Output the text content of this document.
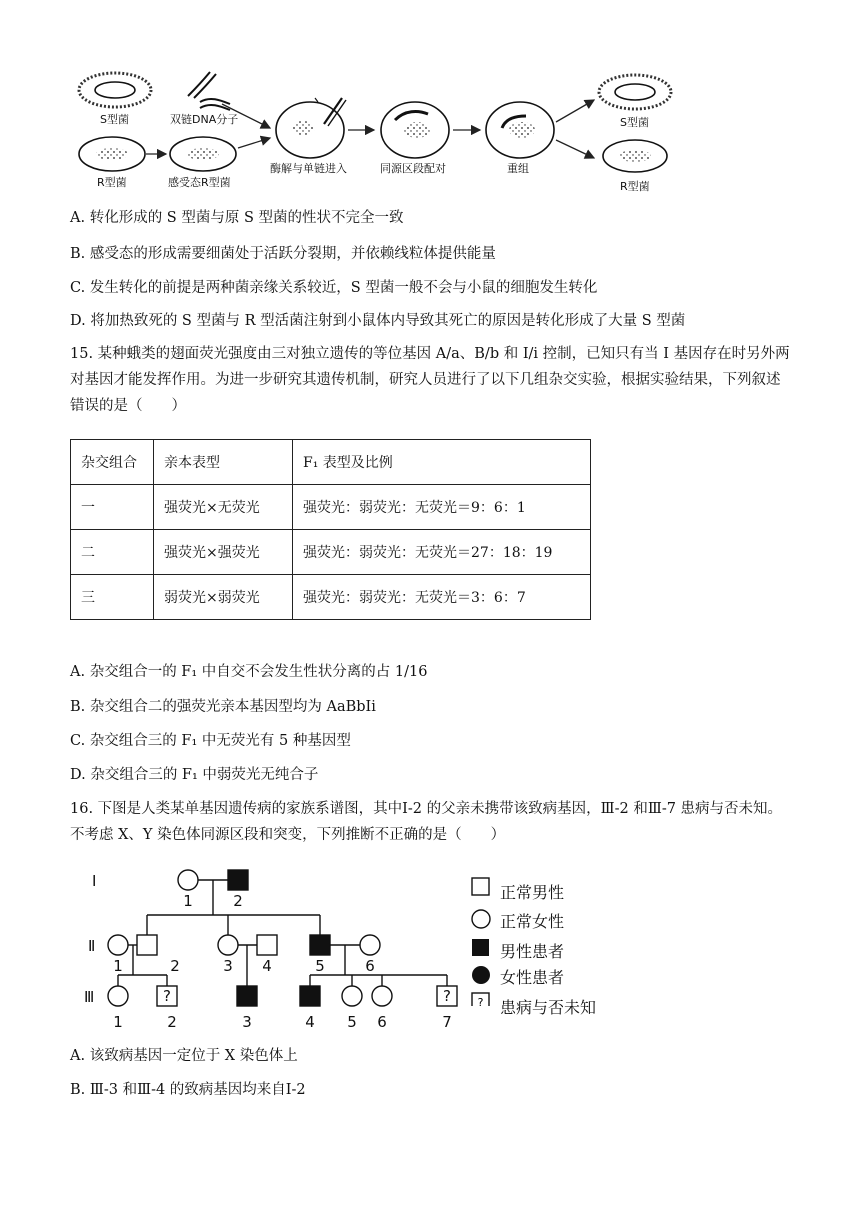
S型菌	双链DNA分子
R型菌	感受态R型菌
酶解与单链进入	同源区段配对	重组
S型菌
R型菌
A. 转化形成的 S 型菌与原 S 型菌的性状不完全一致
B. 感受态的形成需要细菌处于活跃分裂期，并依赖线粒体提供能量
C. 发生转化的前提是两种菌亲缘关系较近，S 型菌一般不会与小鼠的细胞发生转化
D. 将加热致死的 S 型菌与 R 型活菌注射到小鼠体内导致其死亡的原因是转化形成了大量 S 型菌
15. 某种蛾类的翅面荧光强度由三对独立遗传的等位基因 A/a、B/b 和 I/i 控制，已知只有当 I 基因存在时另外两对基因才能发挥作用。为进一步研究其遗传机制，研究人员进行了以下几组杂交实验，根据实验结果，下列叙述错误的是（　　）
杂交组合	亲本表型	F₁ 表型及比例
一	强荧光×无荧光	强荧光：弱荧光：无荧光＝9：6：1
二	强荧光×强荧光	强荧光：弱荧光：无荧光＝27：18：19
三	弱荧光×弱荧光	强荧光：弱荧光：无荧光＝3：6：7
A. 杂交组合一的 F₁ 中自交不会发生性状分离的占 1/16
B. 杂交组合二的强荧光亲本基因型均为 AaBbIi
C. 杂交组合三的 F₁ 中无荧光有 5 种基因型
D. 杂交组合三的 F₁ 中弱荧光无纯合子
16. 下图是人类某单基因遗传病的家族系谱图，其中Ⅰ-2 的父亲未携带该致病基因，Ⅲ-2 和Ⅲ-7 患病与否未知。不考虑 X、Y 染色体同源区段和突变，下列推断不正确的是（　　）
?	?
Ⅰ
Ⅱ
Ⅲ
1	2
1	2	3 4	5	6
1	2	3	4 5 6	7
?
正常男性
正常女性
男性患者
女性患者
患病与否未知
A. 该致病基因一定位于 X 染色体上
B. Ⅲ-3 和Ⅲ-4 的致病基因均来自Ⅰ-2
